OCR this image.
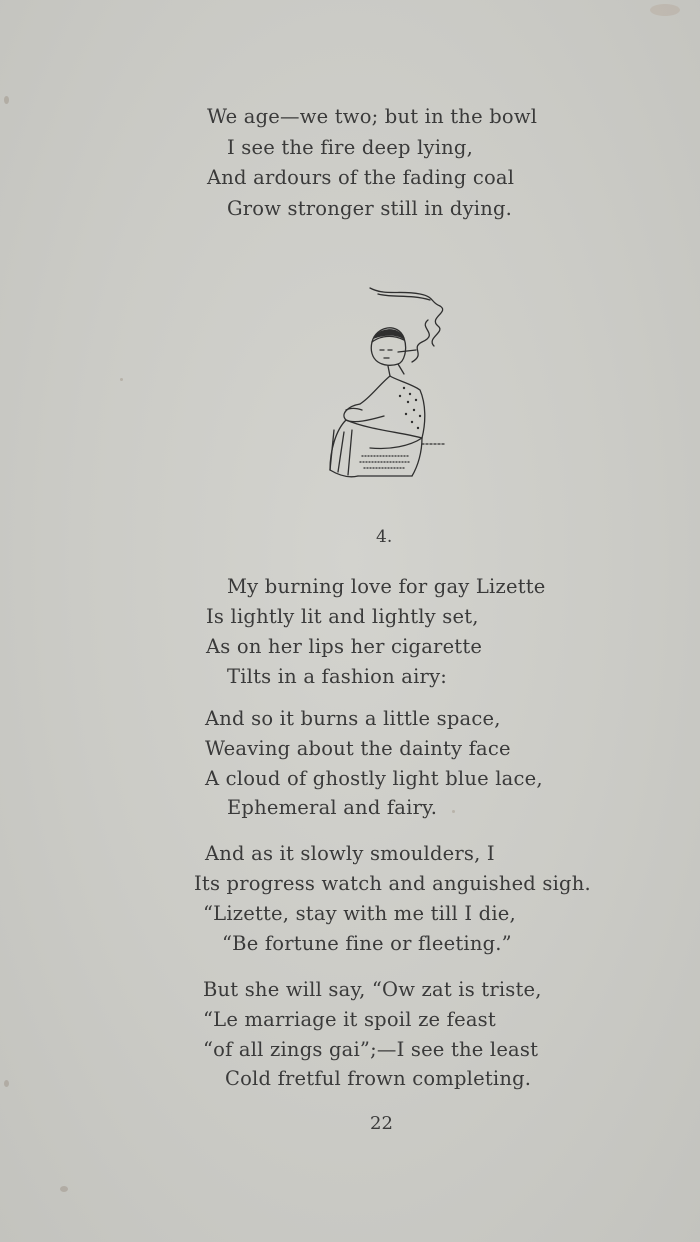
We age—we two; but in the bowl
I see the fire deep lying,
And ardours of the fading coal
Grow stronger still in dying.
4.
My burning love for gay Lizette
Is lightly lit and lightly set,
As on her lips her cigarette
Tilts in a fashion airy:
And so it burns a little space,
Weaving about the dainty face
A cloud of ghostly light blue lace,
Ephemeral and fairy.
And as it slowly smoulders, I
Its progress watch and anguished sigh.
“Lizette, stay with me till I die,
“Be fortune fine or fleeting.”
But she will say, “Ow zat is triste,
“Le marriage it spoil ze feast
“of all zings gai”;—I see the least
Cold fretful frown completing.
22
